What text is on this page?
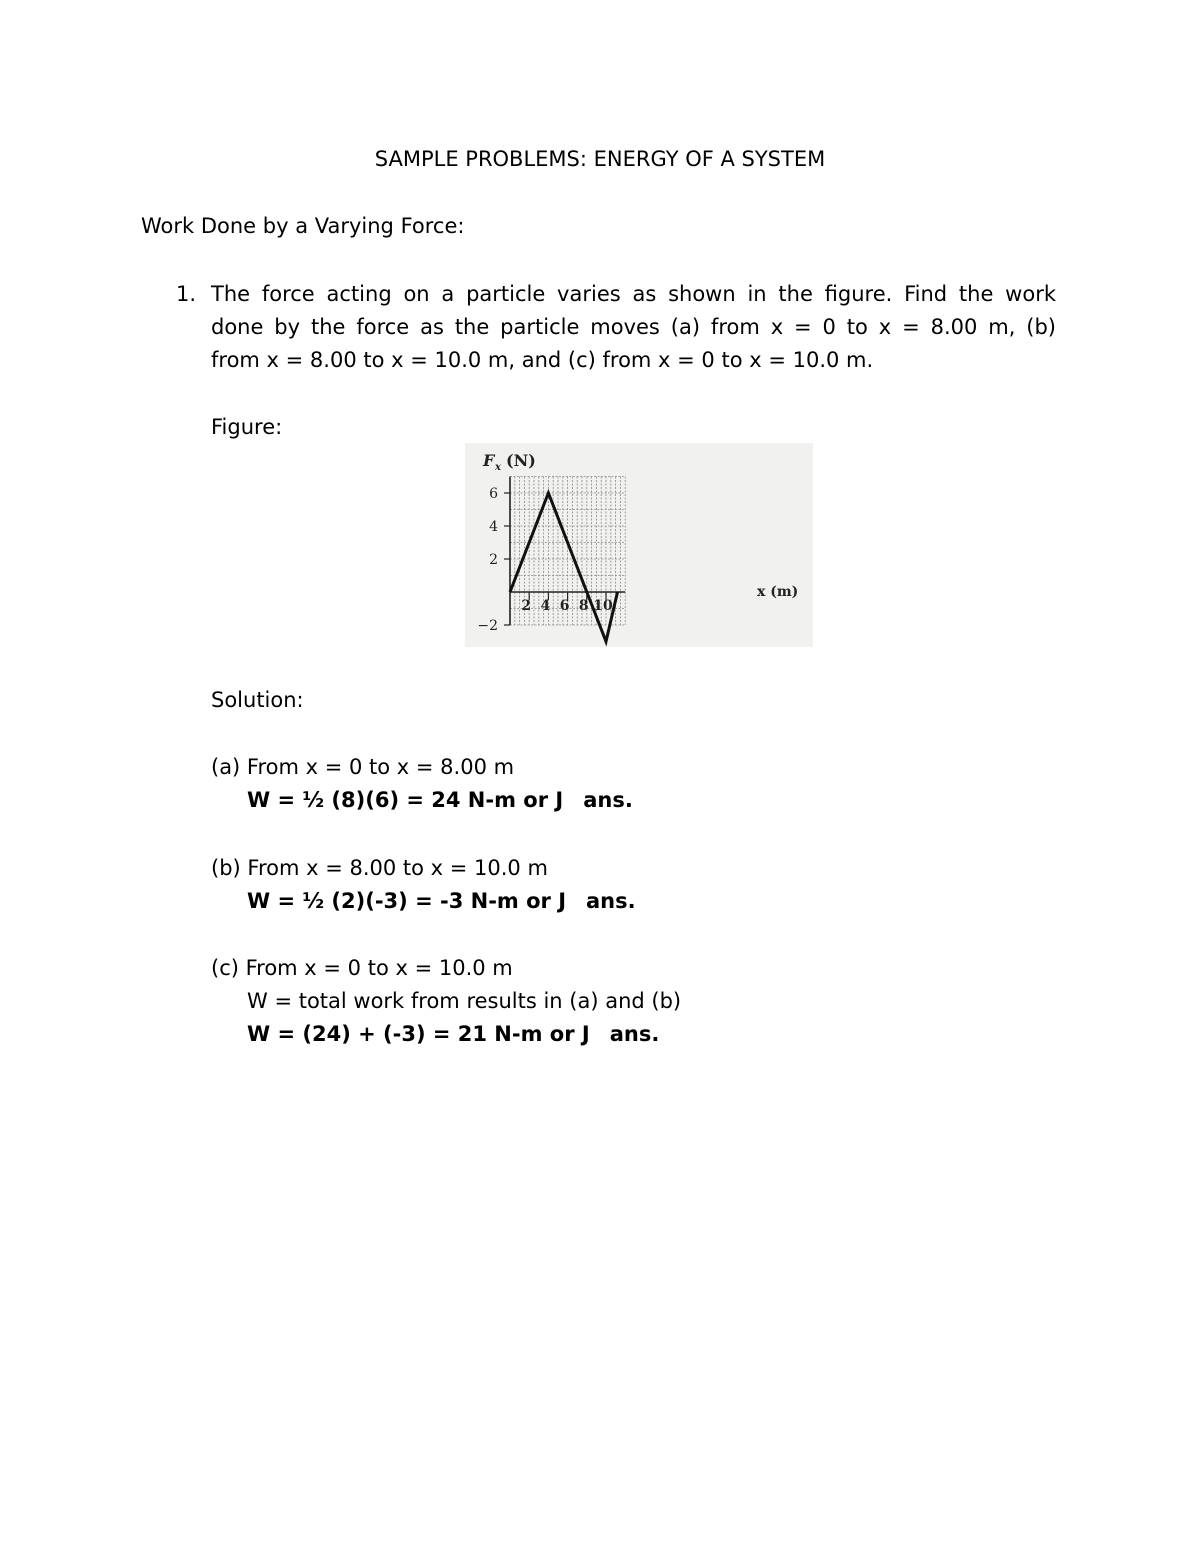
SAMPLE PROBLEMS: ENERGY OF A SYSTEM
Work Done by a Varying Force:
1. The force acting on a particle varies as shown in the figure. Find the work
done by the force as the particle moves (a) from x = 0 to x = 8.00 m, (b)
from x = 8.00 to x = 10.0 m, and (c) from x = 0 to x = 10.0 m.
Figure:
6
4
2
−2
2 4 6 8 10
F x (N)
x (m)
Solution:
(a) From x = 0 to x = 8.00 m
W = ½ (8)(6) = 24 N-m or J ans.
(b) From x = 8.00 to x = 10.0 m
W = ½ (2)(-3) = -3 N-m or J ans.
(c) From x = 0 to x = 10.0 m
W = total work from results in (a) and (b)
W = (24) + (-3) = 21 N-m or J ans.
